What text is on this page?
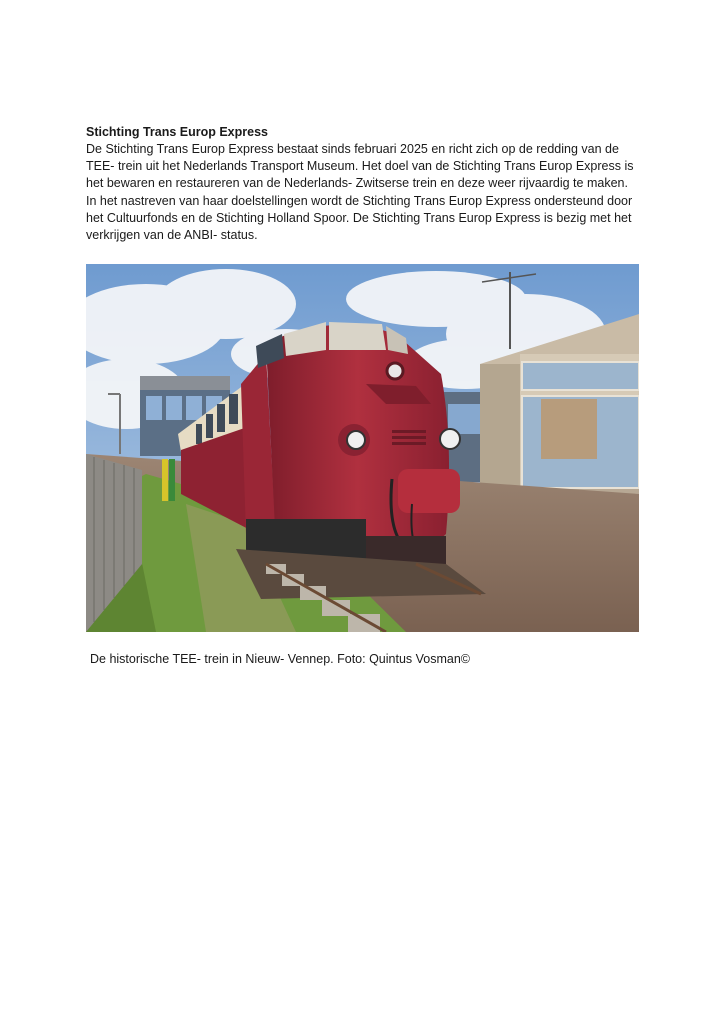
Stichting Trans Europ Express

De Stichting Trans Europ Express bestaat sinds februari 2025 en richt zich op de redding van de TEE- trein uit het Nederlands Transport Museum. Het doel van de Stichting Trans Europ Express is het bewaren en restaureren van de Nederlands- Zwitserse trein en deze weer rijvaardig te maken. In het nastreven van haar doelstellingen wordt de Stichting Trans Europ Express ondersteund door het Cultuurfonds en de Stichting Holland Spoor. De Stichting Trans Europ Express is bezig met het verkrijgen van de ANBI- status.

De historische TEE- trein in Nieuw- Vennep. Foto: Quintus Vosman©
